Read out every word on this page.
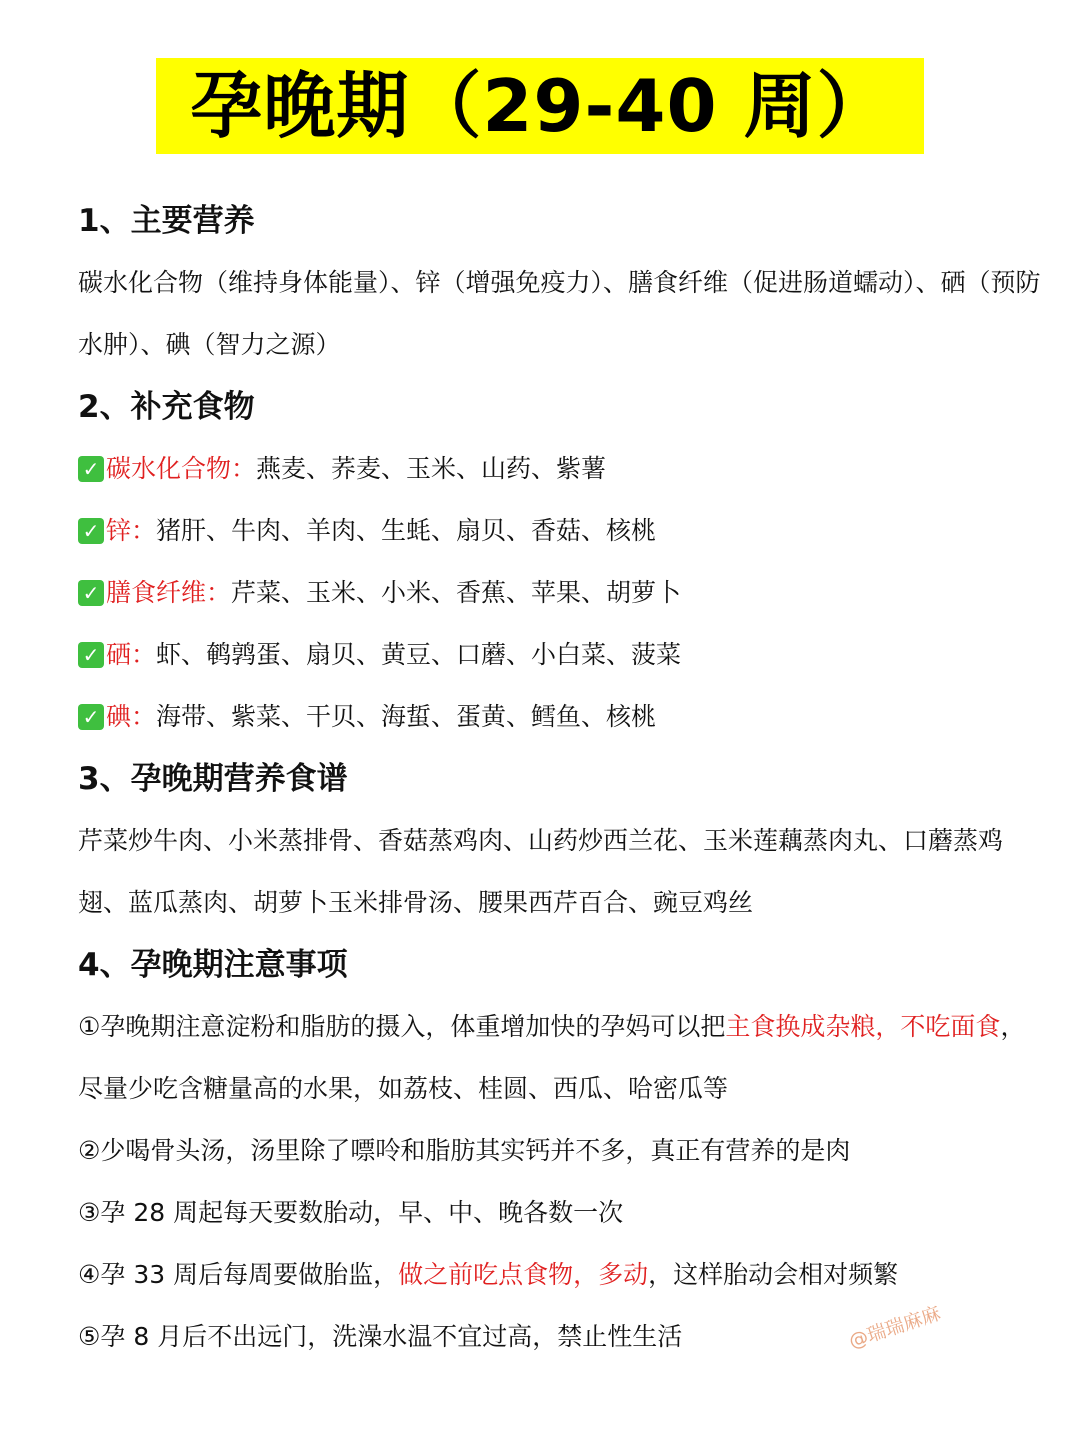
孕晚期（29-40 周）
1、主要营养

碳水化合物（维持身体能量）、锌（增强免疫力）、膳食纤维（促进肠道蠕动）、硒（预防水肿）、碘（智力之源）

2、补充食物
✓ 碳水化合物： 燕麦、荞麦、玉米、山药、紫薯
✓ 锌： 猪肝、牛肉、羊肉、生蚝、扇贝、香菇、核桃
✓ 膳食纤维： 芹菜、玉米、小米、香蕉、苹果、胡萝卜
✓ 硒： 虾、鹌鹑蛋、扇贝、黄豆、口蘑、小白菜、菠菜
✓ 碘： 海带、紫菜、干贝、海蜇、蛋黄、鳕鱼、核桃
3、孕晚期营养食谱

芹菜炒牛肉、小米蒸排骨、香菇蒸鸡肉、山药炒西兰花、玉米莲藕蒸肉丸、口蘑蒸鸡翅、蓝瓜蒸肉、胡萝卜玉米排骨汤、腰果西芹百合、豌豆鸡丝

4、孕晚期注意事项

①孕晚期注意淀粉和脂肪的摄入，体重增加快的孕妈可以把主食换成杂粮，不吃面食，尽量少吃含糖量高的水果，如荔枝、桂圆、西瓜、哈密瓜等

②少喝骨头汤，汤里除了嘌呤和脂肪其实钙并不多，真正有营养的是肉

③孕 28 周起每天要数胎动，早、中、晚各数一次

④孕 33 周后每周要做胎监，做之前吃点食物，多动，这样胎动会相对频繁

⑤孕 8 月后不出远门，洗澡水温不宜过高，禁止性生活	@瑞瑞麻麻
